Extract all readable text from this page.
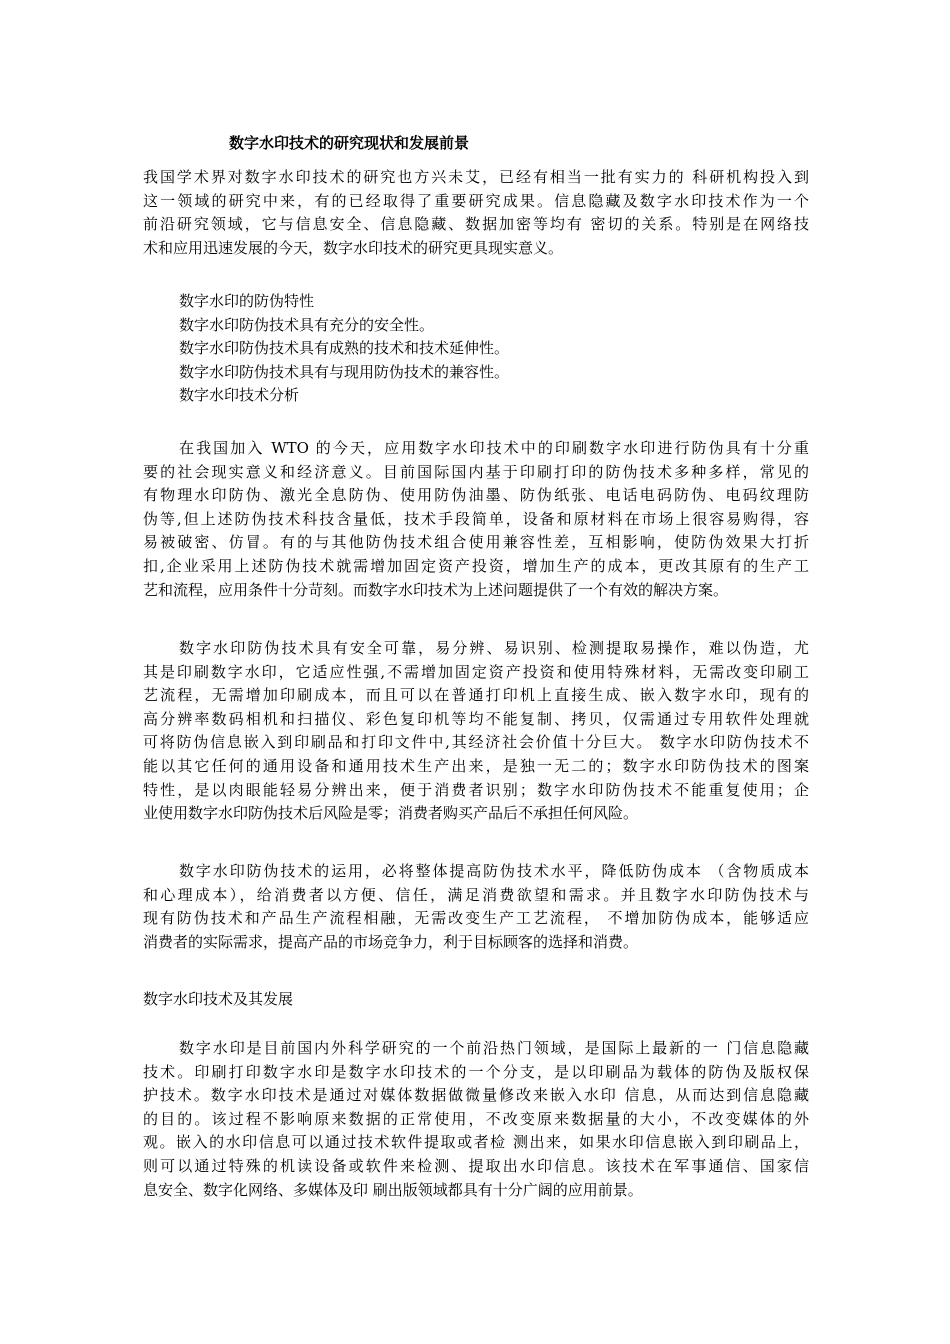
数字水印技术的研究现状和发展前景
我国学术界对数字水印技术的研究也方兴未艾，已经有相当一批有实力的 科研机构投入到
这一领域的研究中来，有的已经取得了重要研究成果。信息隐藏及数字水印技术作为一个
前沿研究领域，它与信息安全、信息隐藏、数据加密等均有 密切的关系。特别是在网络技
术和应用迅速发展的今天，数字水印技术的研究更具现实意义。
数字水印的防伪特性
数字水印防伪技术具有充分的安全性。
数字水印防伪技术具有成熟的技术和技术延伸性。
数字水印防伪技术具有与现用防伪技术的兼容性。
数字水印技术分析
在我国加入 WTO 的今天，应用数字水印技术中的印刷数字水印进行防伪具有十分重
要的社会现实意义和经济意义。目前国际国内基于印刷打印的防伪技术多种多样，常见的
有物理水印防伪、激光全息防伪、使用防伪油墨、防伪纸张、电话电码防伪、电码纹理防
伪等,但上述防伪技术科技含量低，技术手段简单，设备和原材料在市场上很容易购得，容
易被破密、仿冒。有的与其他防伪技术组合使用兼容性差，互相影响，使防伪效果大打折
扣,企业采用上述防伪技术就需增加固定资产投资，增加生产的成本，更改其原有的生产工
艺和流程，应用条件十分苛刻。而数字水印技术为上述问题提供了一个有效的解决方案。
数字水印防伪技术具有安全可靠，易分辨、易识别、检测提取易操作，难以伪造，尤
其是印刷数字水印，它适应性强,不需增加固定资产投资和使用特殊材料，无需改变印刷工
艺流程，无需增加印刷成本，而且可以在普通打印机上直接生成、嵌入数字水印，现有的
高分辨率数码相机和扫描仪、彩色复印机等均不能复制、拷贝，仅需通过专用软件处理就
可将防伪信息嵌入到印刷品和打印文件中,其经济社会价值十分巨大。 数字水印防伪技术不
能以其它任何的通用设备和通用技术生产出来，是独一无二的；数字水印防伪技术的图案
特性，是以肉眼能轻易分辨出来，便于消费者识别；数字水印防伪技术不能重复使用；企
业使用数字水印防伪技术后风险是零；消费者购买产品后不承担任何风险。
数字水印防伪技术的运用，必将整体提高防伪技术水平，降低防伪成本 （含物质成本
和心理成本），给消费者以方便、信任，满足消费欲望和需求。并且数字水印防伪技术与
现有防伪技术和产品生产流程相融，无需改变生产工艺流程， 不增加防伪成本，能够适应
消费者的实际需求，提高产品的市场竞争力，利于目标顾客的选择和消费。
数字水印技术及其发展
数字水印是目前国内外科学研究的一个前沿热门领域，是国际上最新的一 门信息隐藏
技术。印刷打印数字水印是数字水印技术的一个分支，是以印刷品为载体的防伪及版权保
护技术。数字水印技术是通过对媒体数据做微量修改来嵌入水印 信息，从而达到信息隐藏
的目的。该过程不影响原来数据的正常使用，不改变原来数据量的大小，不改变媒体的外
观。嵌入的水印信息可以通过技术软件提取或者检 测出来，如果水印信息嵌入到印刷品上，
则可以通过特殊的机读设备或软件来检测、提取出水印信息。该技术在军事通信、国家信
息安全、数字化网络、多媒体及印 刷出版领域都具有十分广阔的应用前景。
